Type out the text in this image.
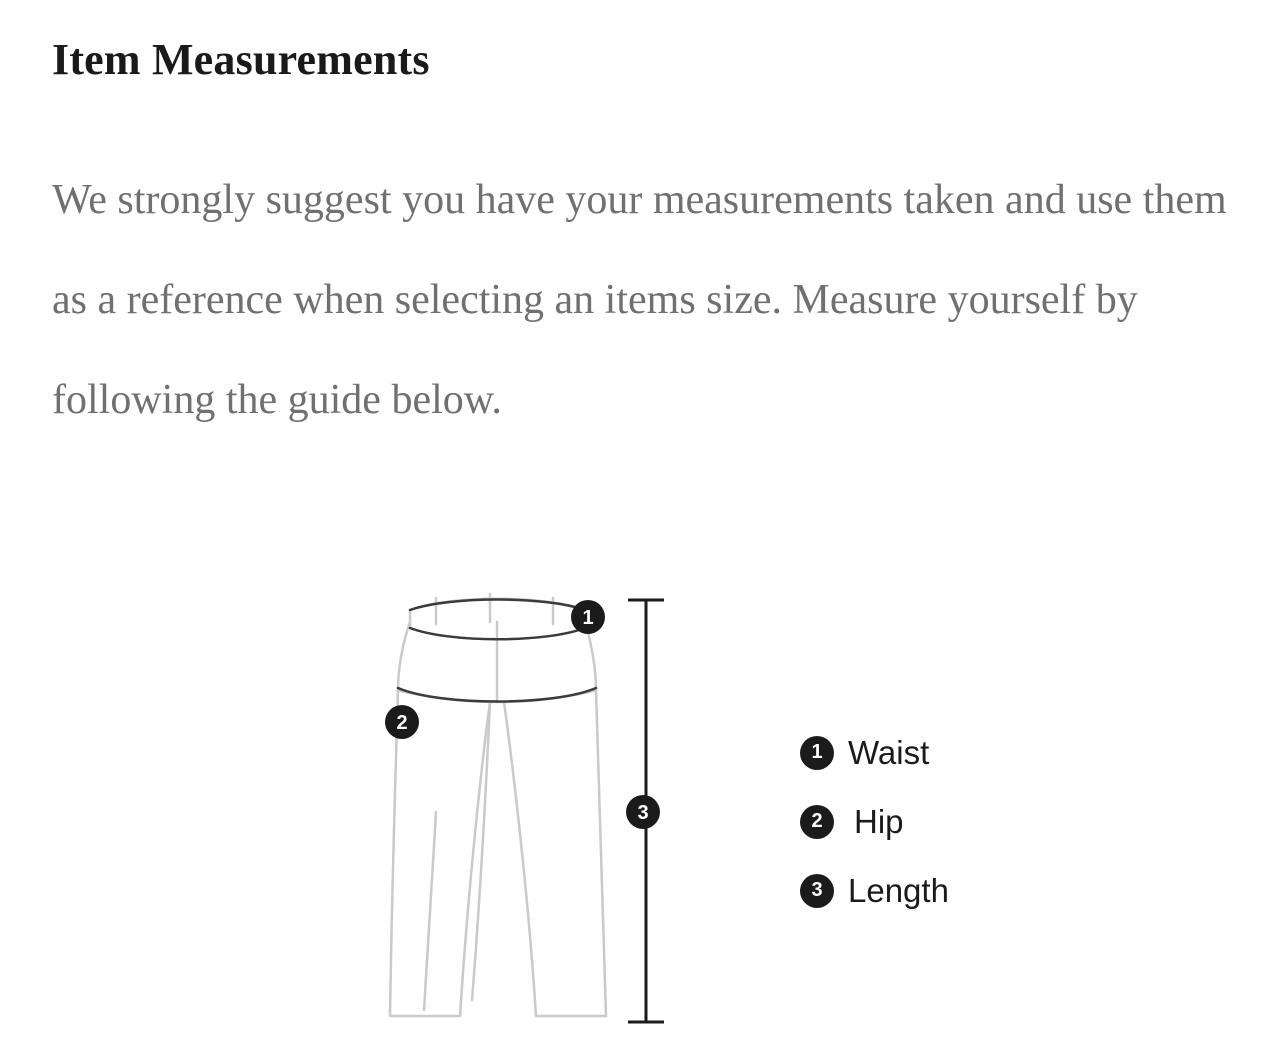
Item Measurements

We strongly suggest you have your measurements taken and use them as a reference when selecting an items size. Measure yourself by following the guide below.

1
2
3
1 Waist
2 Hip
3 Length
